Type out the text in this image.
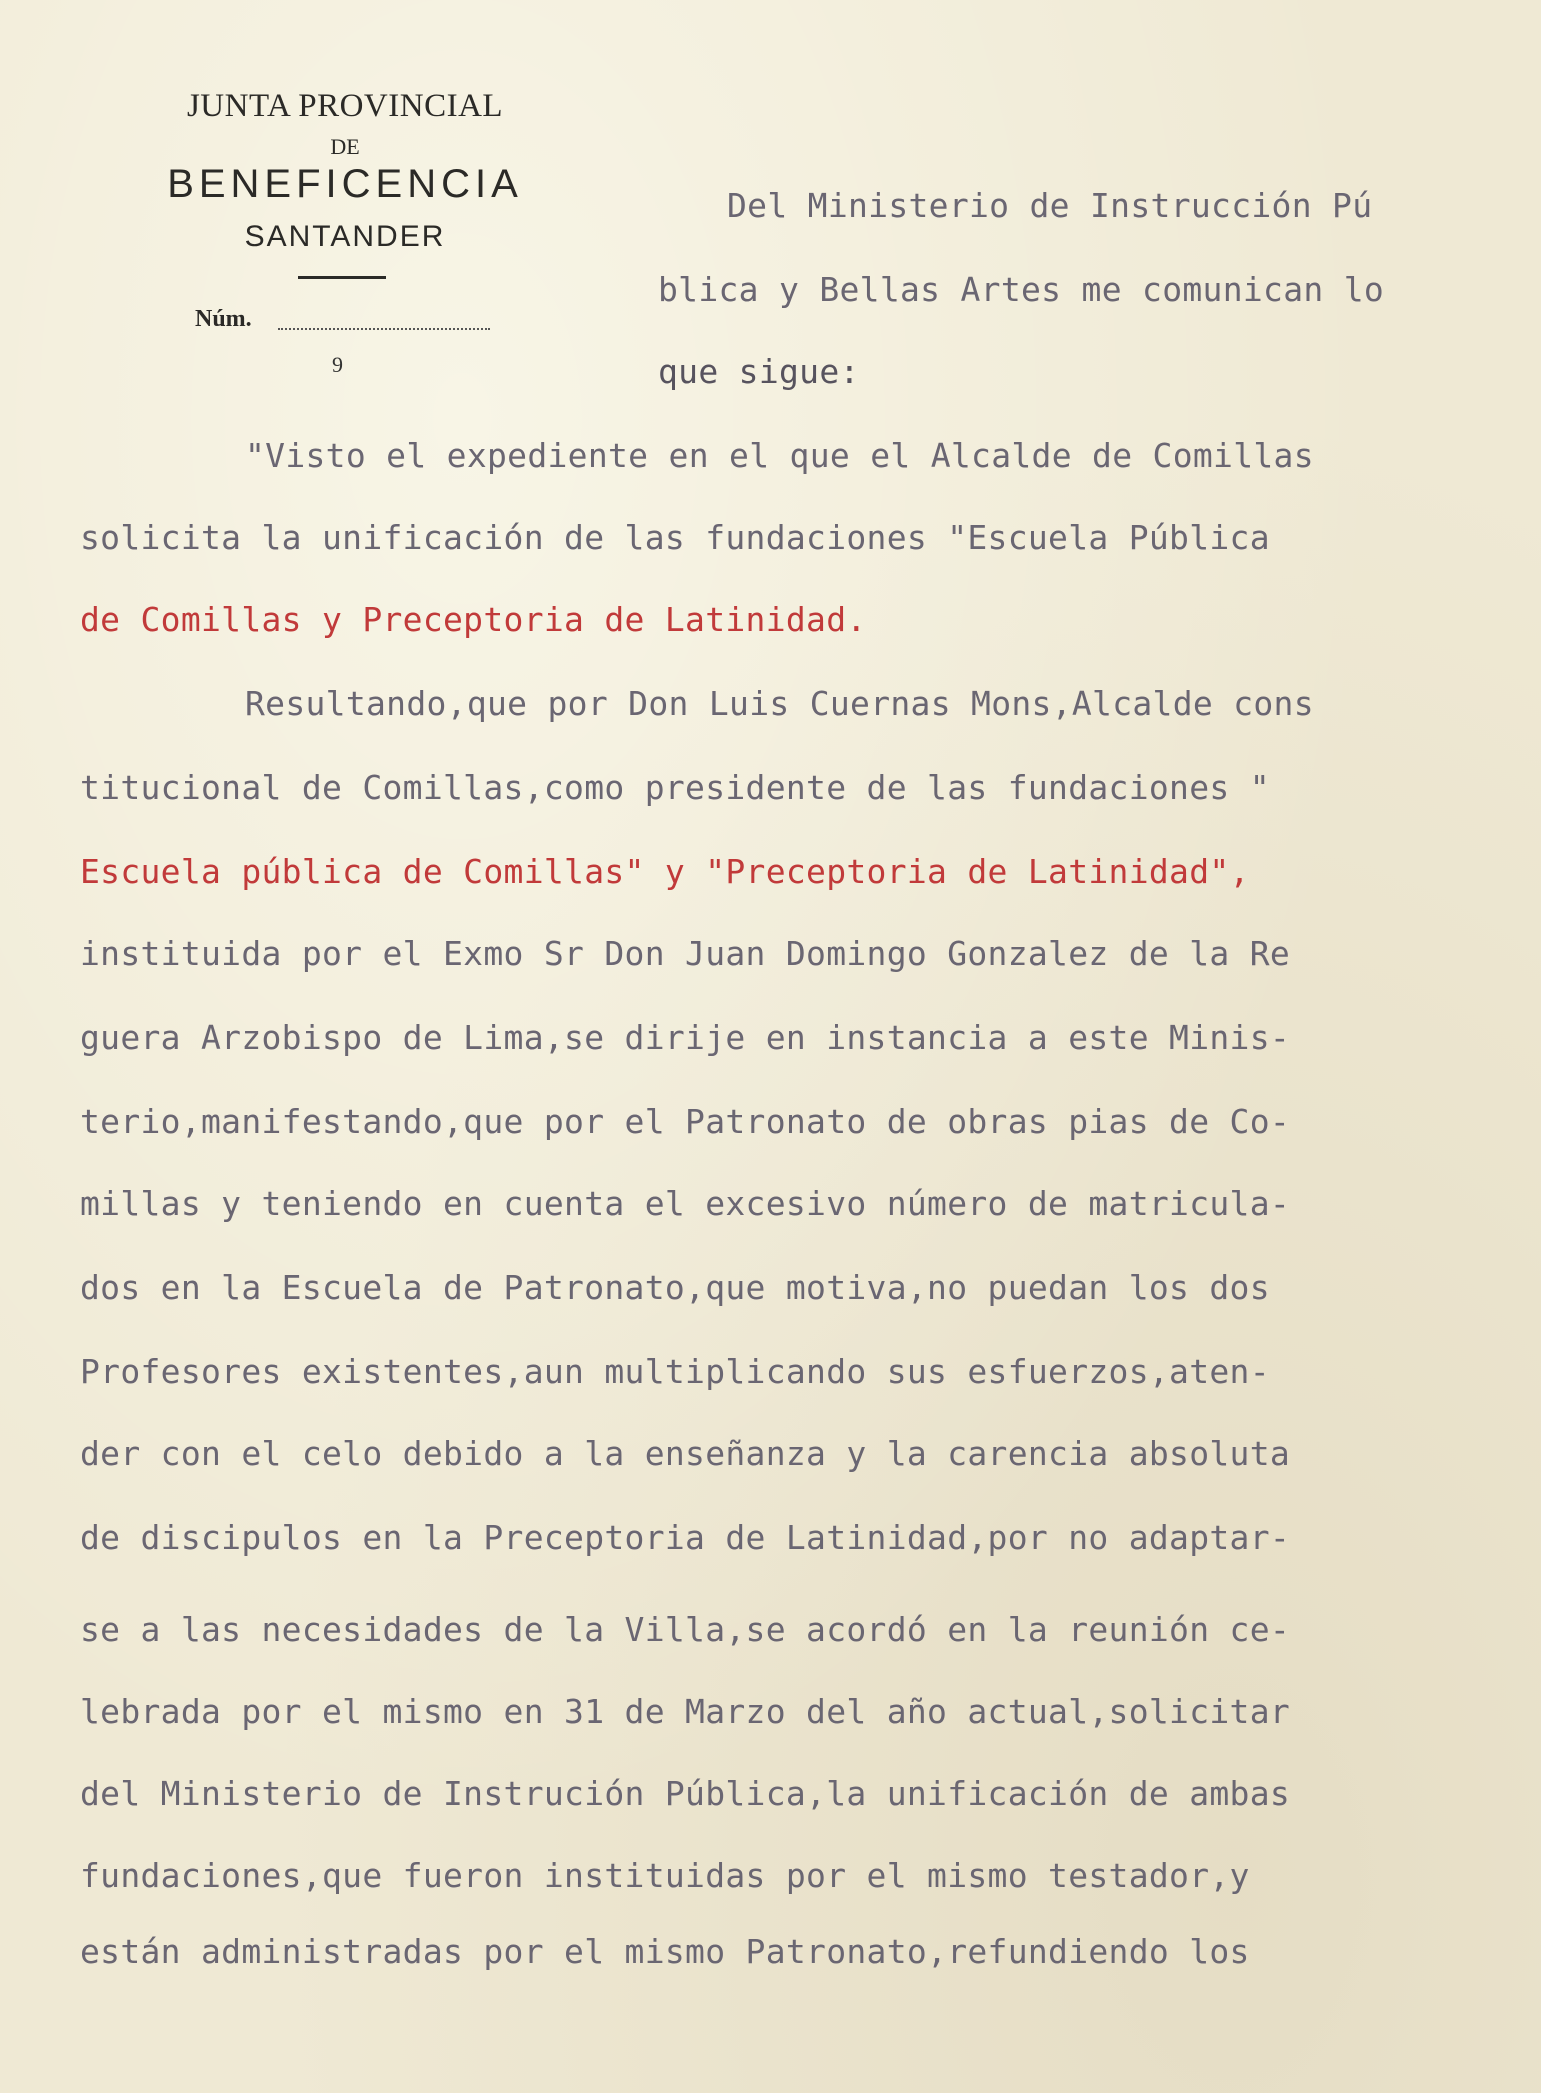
JUNTA PROVINCIAL
DE
BENEFICENCIA
SANTANDER
Núm.
9
Del Ministerio de Instrucción Pú
blica y Bellas Artes me comunican lo
que sigue:
"Visto el expediente en el que el Alcalde de Comillas
solicita la unificación de las fundaciones "Escuela Pública
de Comillas y Preceptoria de Latinidad.
Resultando,que por Don Luis Cuernas Mons,Alcalde cons
titucional de Comillas,como presidente de las fundaciones "
Escuela pública de Comillas" y "Preceptoria de Latinidad",
instituida por el Exmo Sr Don Juan Domingo Gonzalez de la Re
guera Arzobispo de Lima,se dirije en instancia a este Minis-
terio,manifestando,que por el Patronato de obras pias de Co-
millas y teniendo en cuenta el excesivo número de matricula-
dos en la Escuela de Patronato,que motiva,no puedan los dos
Profesores existentes,aun multiplicando sus esfuerzos,aten-
der con el celo debido a la enseñanza y la carencia absoluta
de discipulos en la Preceptoria de Latinidad,por no adaptar-
se a las necesidades de la Villa,se acordó en la reunión ce-
lebrada por el mismo en 31 de Marzo del año actual,solicitar
del Ministerio de Instrución Pública,la unificación de ambas
fundaciones,que fueron instituidas por el mismo testador,y
están administradas por el mismo Patronato,refundiendo los
